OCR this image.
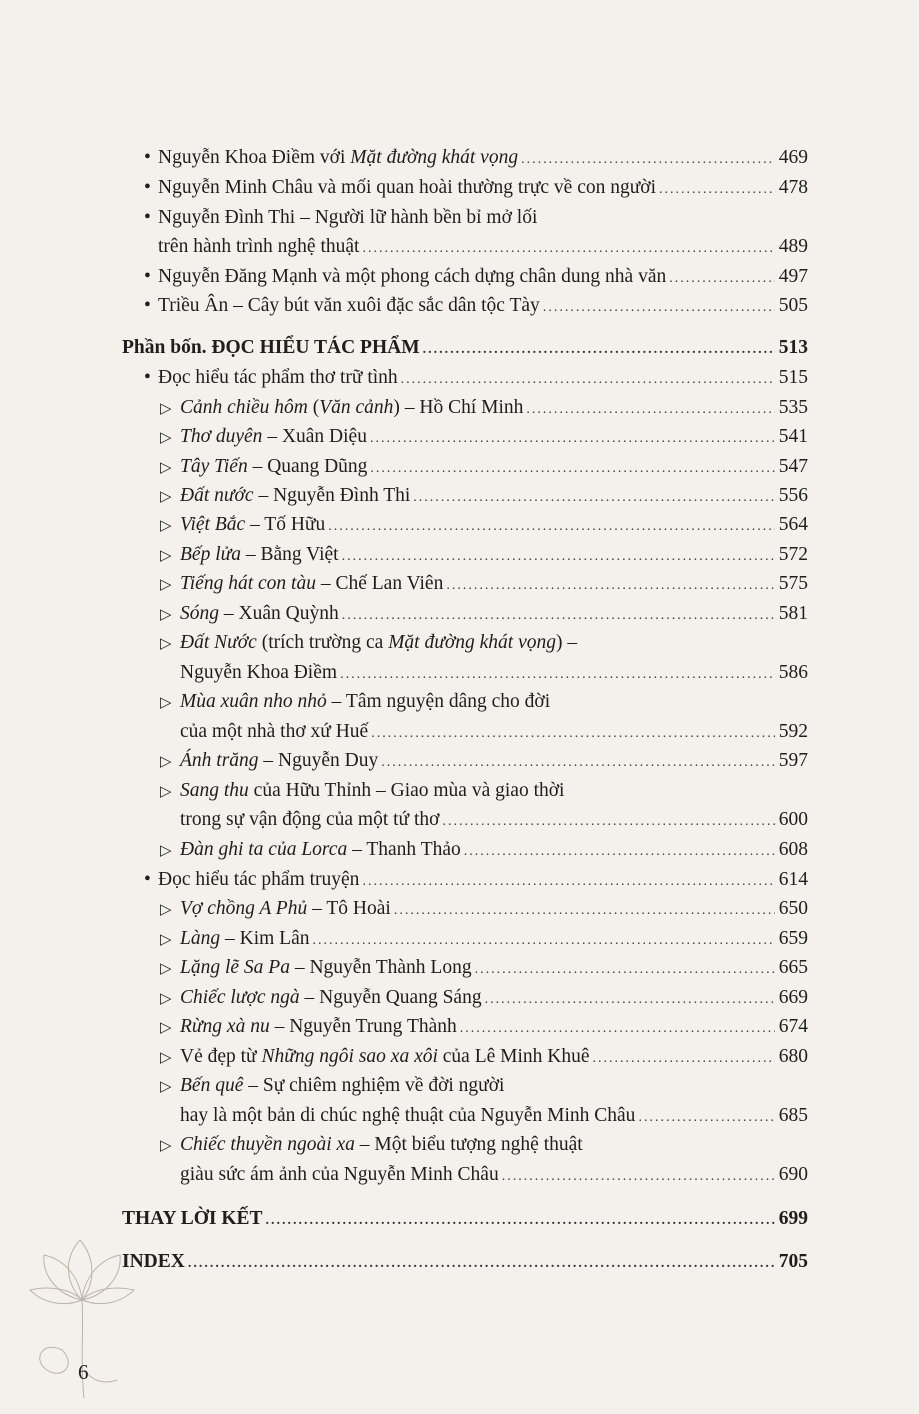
• Nguyễn Khoa Điềm với Mặt đường khát vọng .....	469
• Nguyễn Minh Châu và mối quan hoài thường trực về con người .....	478
• Nguyễn Đình Thi – Người lữ hành bền bỉ mở lối
trên hành trình nghệ thuật .....	489
• Nguyễn Đăng Mạnh và một phong cách dựng chân dung nhà văn .....	497
• Triều Ân – Cây bút văn xuôi đặc sắc dân tộc Tày .....	505
Phần bốn. ĐỌC HIỂU TÁC PHẨM .....	513
• Đọc hiểu tác phẩm thơ trữ tình .....	515
▷ Cảnh chiều hôm (Văn cảnh) – Hồ Chí Minh .....	535
▷ Thơ duyên – Xuân Diệu .....	541
▷ Tây Tiến – Quang Dũng .....	547
▷ Đất nước – Nguyễn Đình Thi .....	556
▷ Việt Bắc – Tố Hữu .....	564
▷ Bếp lửa – Bằng Việt .....	572
▷ Tiếng hát con tàu – Chế Lan Viên .....	575
▷ Sóng – Xuân Quỳnh .....	581
▷ Đất Nước (trích trường ca Mặt đường khát vọng) –
Nguyễn Khoa Điềm .....	586
▷ Mùa xuân nho nhỏ – Tâm nguyện dâng cho đời
của một nhà thơ xứ Huế .....	592
▷ Ánh trăng – Nguyễn Duy .....	597
▷ Sang thu của Hữu Thỉnh – Giao mùa và giao thời
trong sự vận động của một tứ thơ .....	600
▷ Đàn ghi ta của Lorca – Thanh Thảo .....	608
• Đọc hiểu tác phẩm truyện .....	614
▷ Vợ chồng A Phủ – Tô Hoài .....	650
▷ Làng – Kim Lân .....	659
▷ Lặng lẽ Sa Pa – Nguyễn Thành Long .....	665
▷ Chiếc lược ngà – Nguyễn Quang Sáng .....	669
▷ Rừng xà nu – Nguyễn Trung Thành .....	674
▷ Vẻ đẹp từ Những ngôi sao xa xôi của Lê Minh Khuê .....	680
▷ Bến quê – Sự chiêm nghiệm về đời người
hay là một bản di chúc nghệ thuật của Nguyễn Minh Châu .....	685
▷ Chiếc thuyền ngoài xa – Một biểu tượng nghệ thuật
giàu sức ám ảnh của Nguyễn Minh Châu .....	690
THAY LỜI KẾT .....	699
INDEX .....	705
6
